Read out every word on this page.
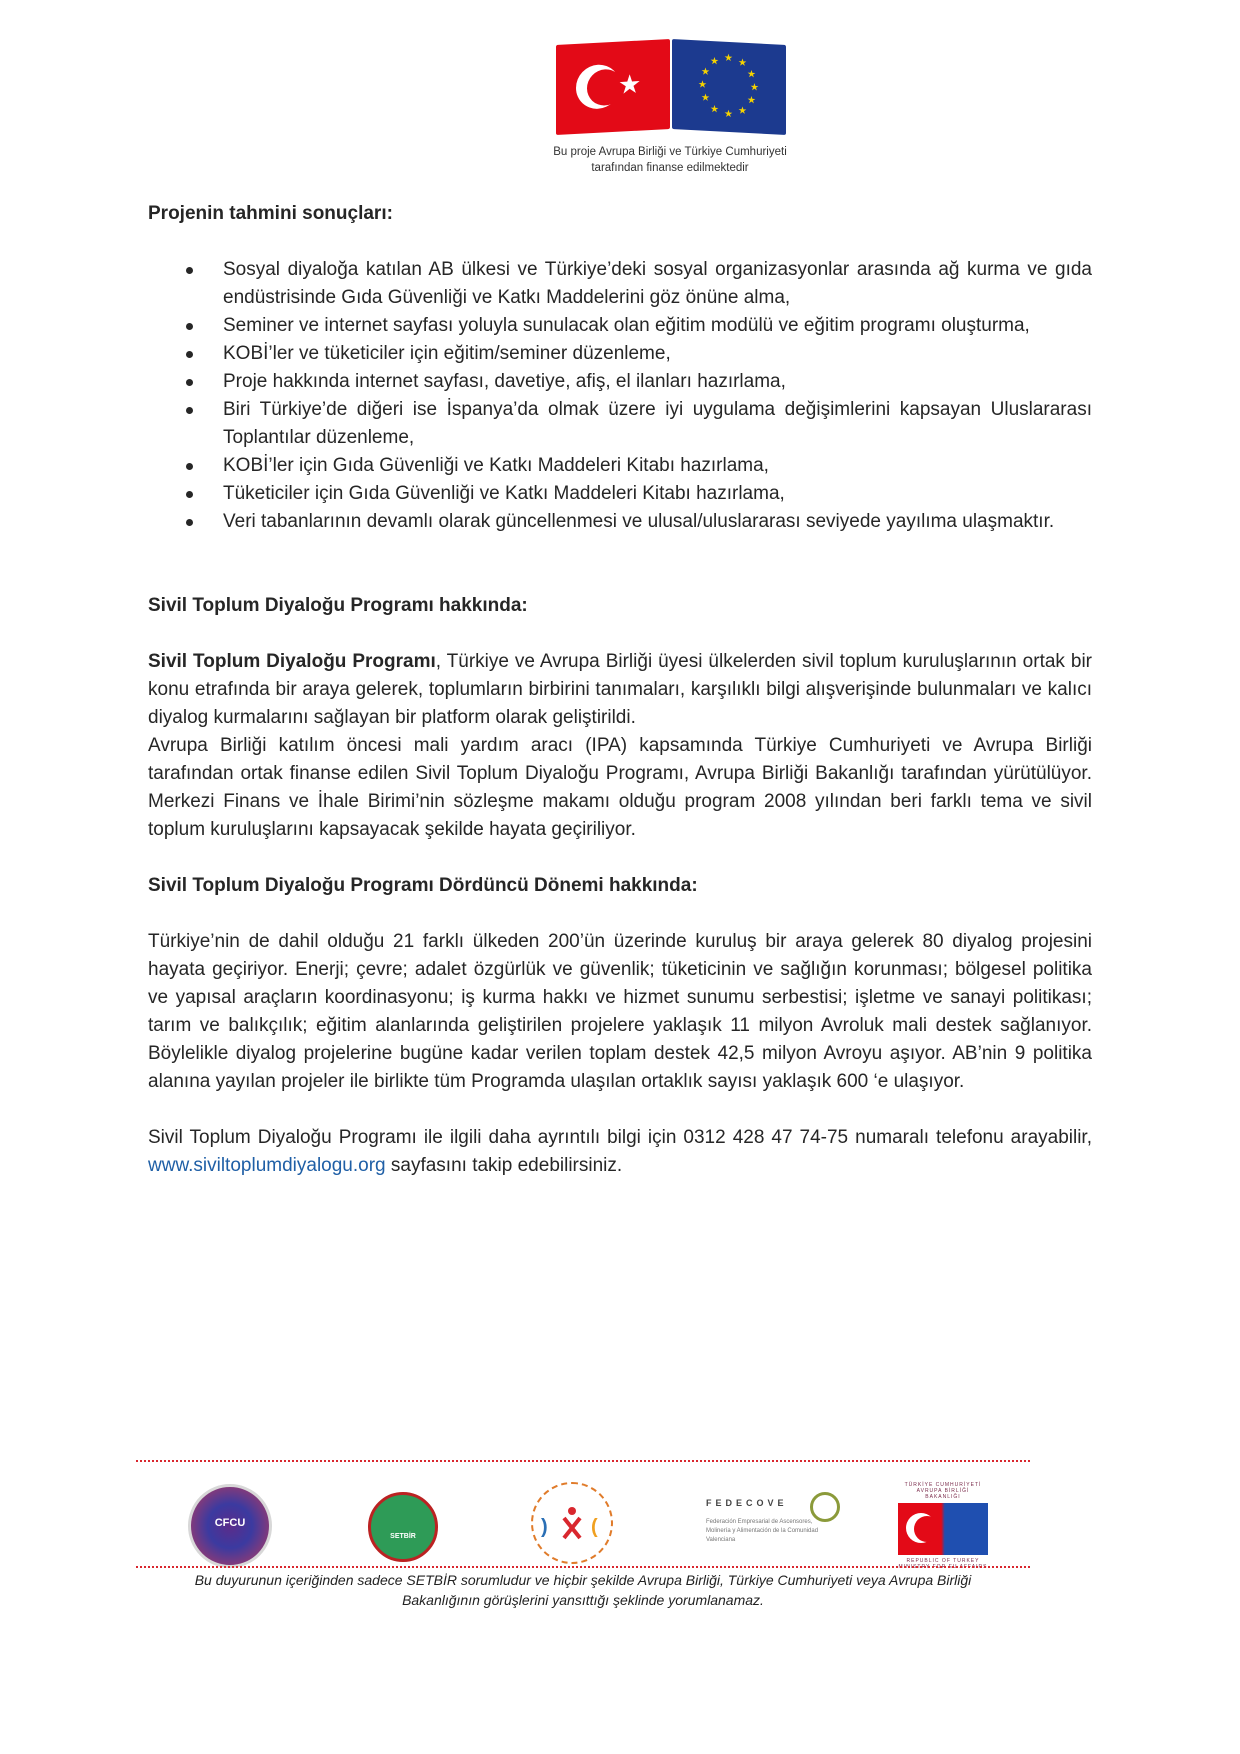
★
★ ★
★
★
★
★
★
★
★
★
★
★
Bu proje Avrupa Birliği ve Türkiye Cumhuriyeti
tarafından finanse edilmektedir
Projenin tahmini sonuçları:
Sosyal diyaloğa katılan AB ülkesi ve Türkiye’deki sosyal organizasyonlar arasında ağ kurma ve gıda endüstrisinde Gıda Güvenliği ve Katkı Maddelerini göz önüne alma,
Seminer ve internet sayfası yoluyla sunulacak olan eğitim modülü ve eğitim programı oluşturma,
KOBİ’ler ve tüketiciler için eğitim/seminer düzenleme,
Proje hakkında internet sayfası, davetiye, afiş, el ilanları hazırlama,
Biri Türkiye’de diğeri ise İspanya’da olmak üzere iyi uygulama değişimlerini kapsayan Uluslararası Toplantılar düzenleme,
KOBİ’ler için Gıda Güvenliği ve Katkı Maddeleri Kitabı hazırlama,
Tüketiciler için Gıda Güvenliği ve Katkı Maddeleri Kitabı hazırlama,
Veri tabanlarının devamlı olarak güncellenmesi ve ulusal/uluslararası seviyede yayılıma ulaşmaktır.
Sivil Toplum Diyaloğu Programı hakkında:

Sivil Toplum Diyaloğu Programı, Türkiye ve Avrupa Birliği üyesi ülkelerden sivil toplum kuruluşlarının ortak bir konu etrafında bir araya gelerek, toplumların birbirini tanımaları, karşılıklı bilgi alışverişinde bulunmaları ve kalıcı diyalog kurmalarını sağlayan bir platform olarak geliştirildi.

Avrupa Birliği katılım öncesi mali yardım aracı (IPA) kapsamında Türkiye Cumhuriyeti ve Avrupa Birliği tarafından ortak finanse edilen Sivil Toplum Diyaloğu Programı, Avrupa Birliği Bakanlığı tarafından yürütülüyor. Merkezi Finans ve İhale Birimi’nin sözleşme makamı olduğu program 2008 yılından beri farklı tema ve sivil toplum kuruluşlarını kapsayacak şekilde hayata geçiriliyor.

Sivil Toplum Diyaloğu Programı Dördüncü Dönemi hakkında:

Türkiye’nin de dahil olduğu 21 farklı ülkeden 200’ün üzerinde kuruluş bir araya gelerek 80 diyalog projesini hayata geçiriyor. Enerji; çevre; adalet özgürlük ve güvenlik; tüketicinin ve sağlığın korunması; bölgesel politika ve yapısal araçların koordinasyonu; iş kurma hakkı ve hizmet sunumu serbestisi; işletme ve sanayi politikası; tarım ve balıkçılık; eğitim alanlarında geliştirilen projelere yaklaşık 11 milyon Avroluk mali destek sağlanıyor. Böylelikle diyalog projelerine bugüne kadar verilen toplam destek 42,5 milyon Avroyu aşıyor. AB’nin 9 politika alanına yayılan projeler ile birlikte tüm Programda ulaşılan ortaklık sayısı yaklaşık 600 ‘e ulaşıyor.

Sivil Toplum Diyaloğu Programı ile ilgili daha ayrıntılı bilgi için 0312 428 47 74-75 numaralı telefonu arayabilir, www.siviltoplumdiyalogu.org sayfasını takip edebilirsiniz.

CFCU
SETBİR	) (
FEDECOVE
Federación Empresarial de Ascensores, Molinería y Alimentación de la Comunidad Valenciana
TÜRKİYE CUMHURİYETİ AVRUPA BİRLİĞİ BAKANLIĞI
REPUBLIC OF TURKEY MINISTRY FOR EU AFFAIRS
Bu duyurunun içeriğinden sadece SETBİR sorumludur ve hiçbir şekilde Avrupa Birliği, Türkiye Cumhuriyeti veya Avrupa Birliği
Bakanlığının görüşlerini yansıttığı şeklinde yorumlanamaz.
